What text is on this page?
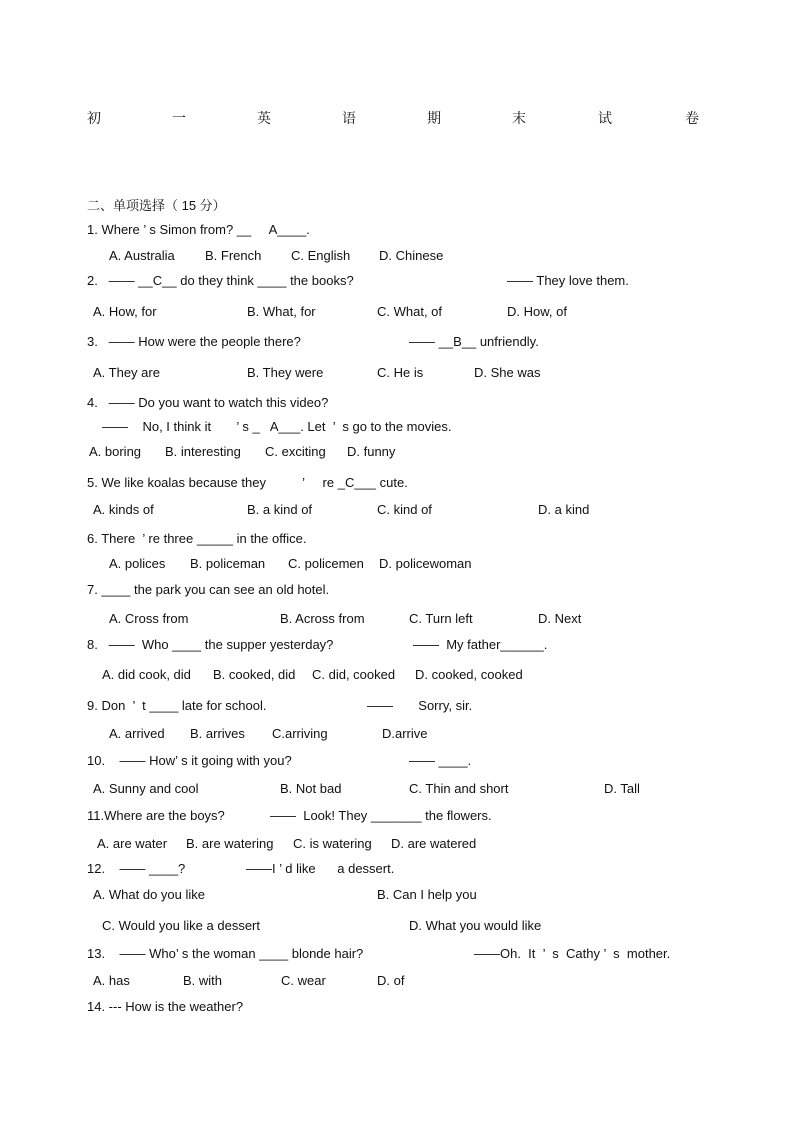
初	一	英	语	期	末	试	卷
二、单项选择（ 15 分）
1. Where ’ s Simon from? __     A____.
A. Australia B. French C. English D. Chinese
2.   —— __C__ do they think ____ the books?	—— They love them.
A. How, for	B. What, for	C. What, of	D. How, of
3.   —— How were the people there?	—— __B__ unfriendly.
A. They are	B. They were	C. He is	D. She was
4.   —— Do you want to watch this video?
——    No, I think it       ’ s _   A___. Let  ’  s go to the movies.
A. boring B. interesting C. exciting D. funny
5. We like koalas because they          ’     re _C___ cute.
A. kinds of	B. a kind of	C. kind of	D. a kind
6. There  ’ re three _____ in the office.
A. polices B. policeman C. policemen D. policewoman
7. ____ the park you can see an old hotel.
A. Cross from	B. Across from	C. Turn left	D. Next
8.   ——  Who ____ the supper yesterday?	——  My father______.
A. did cook, did B. cooked, did C. did, cooked D. cooked, cooked
9. Don  ’  t ____ late for school.	——       Sorry, sir.
A. arrived B. arrives C.arriving	D.arrive
10.    —— How’ s it going with you?	—— ____.
A. Sunny and cool	B. Not bad	C. Thin and short	D. Tall
11.Where are the boys?	——  Look! They _______ the flowers.
A. are water B. are watering C. is watering D. are watered
12.    —— ____?	——I ’ d like      a dessert.
A. What do you like	B. Can I help you
C. Would you like a dessert	D. What you would like
13.    —— Who’ s the woman ____ blonde hair?	——Oh.  It  ’  s  Cathy ’  s  mother.
A. has	B. with	C. wear	D. of
14. --- How is the weather?
